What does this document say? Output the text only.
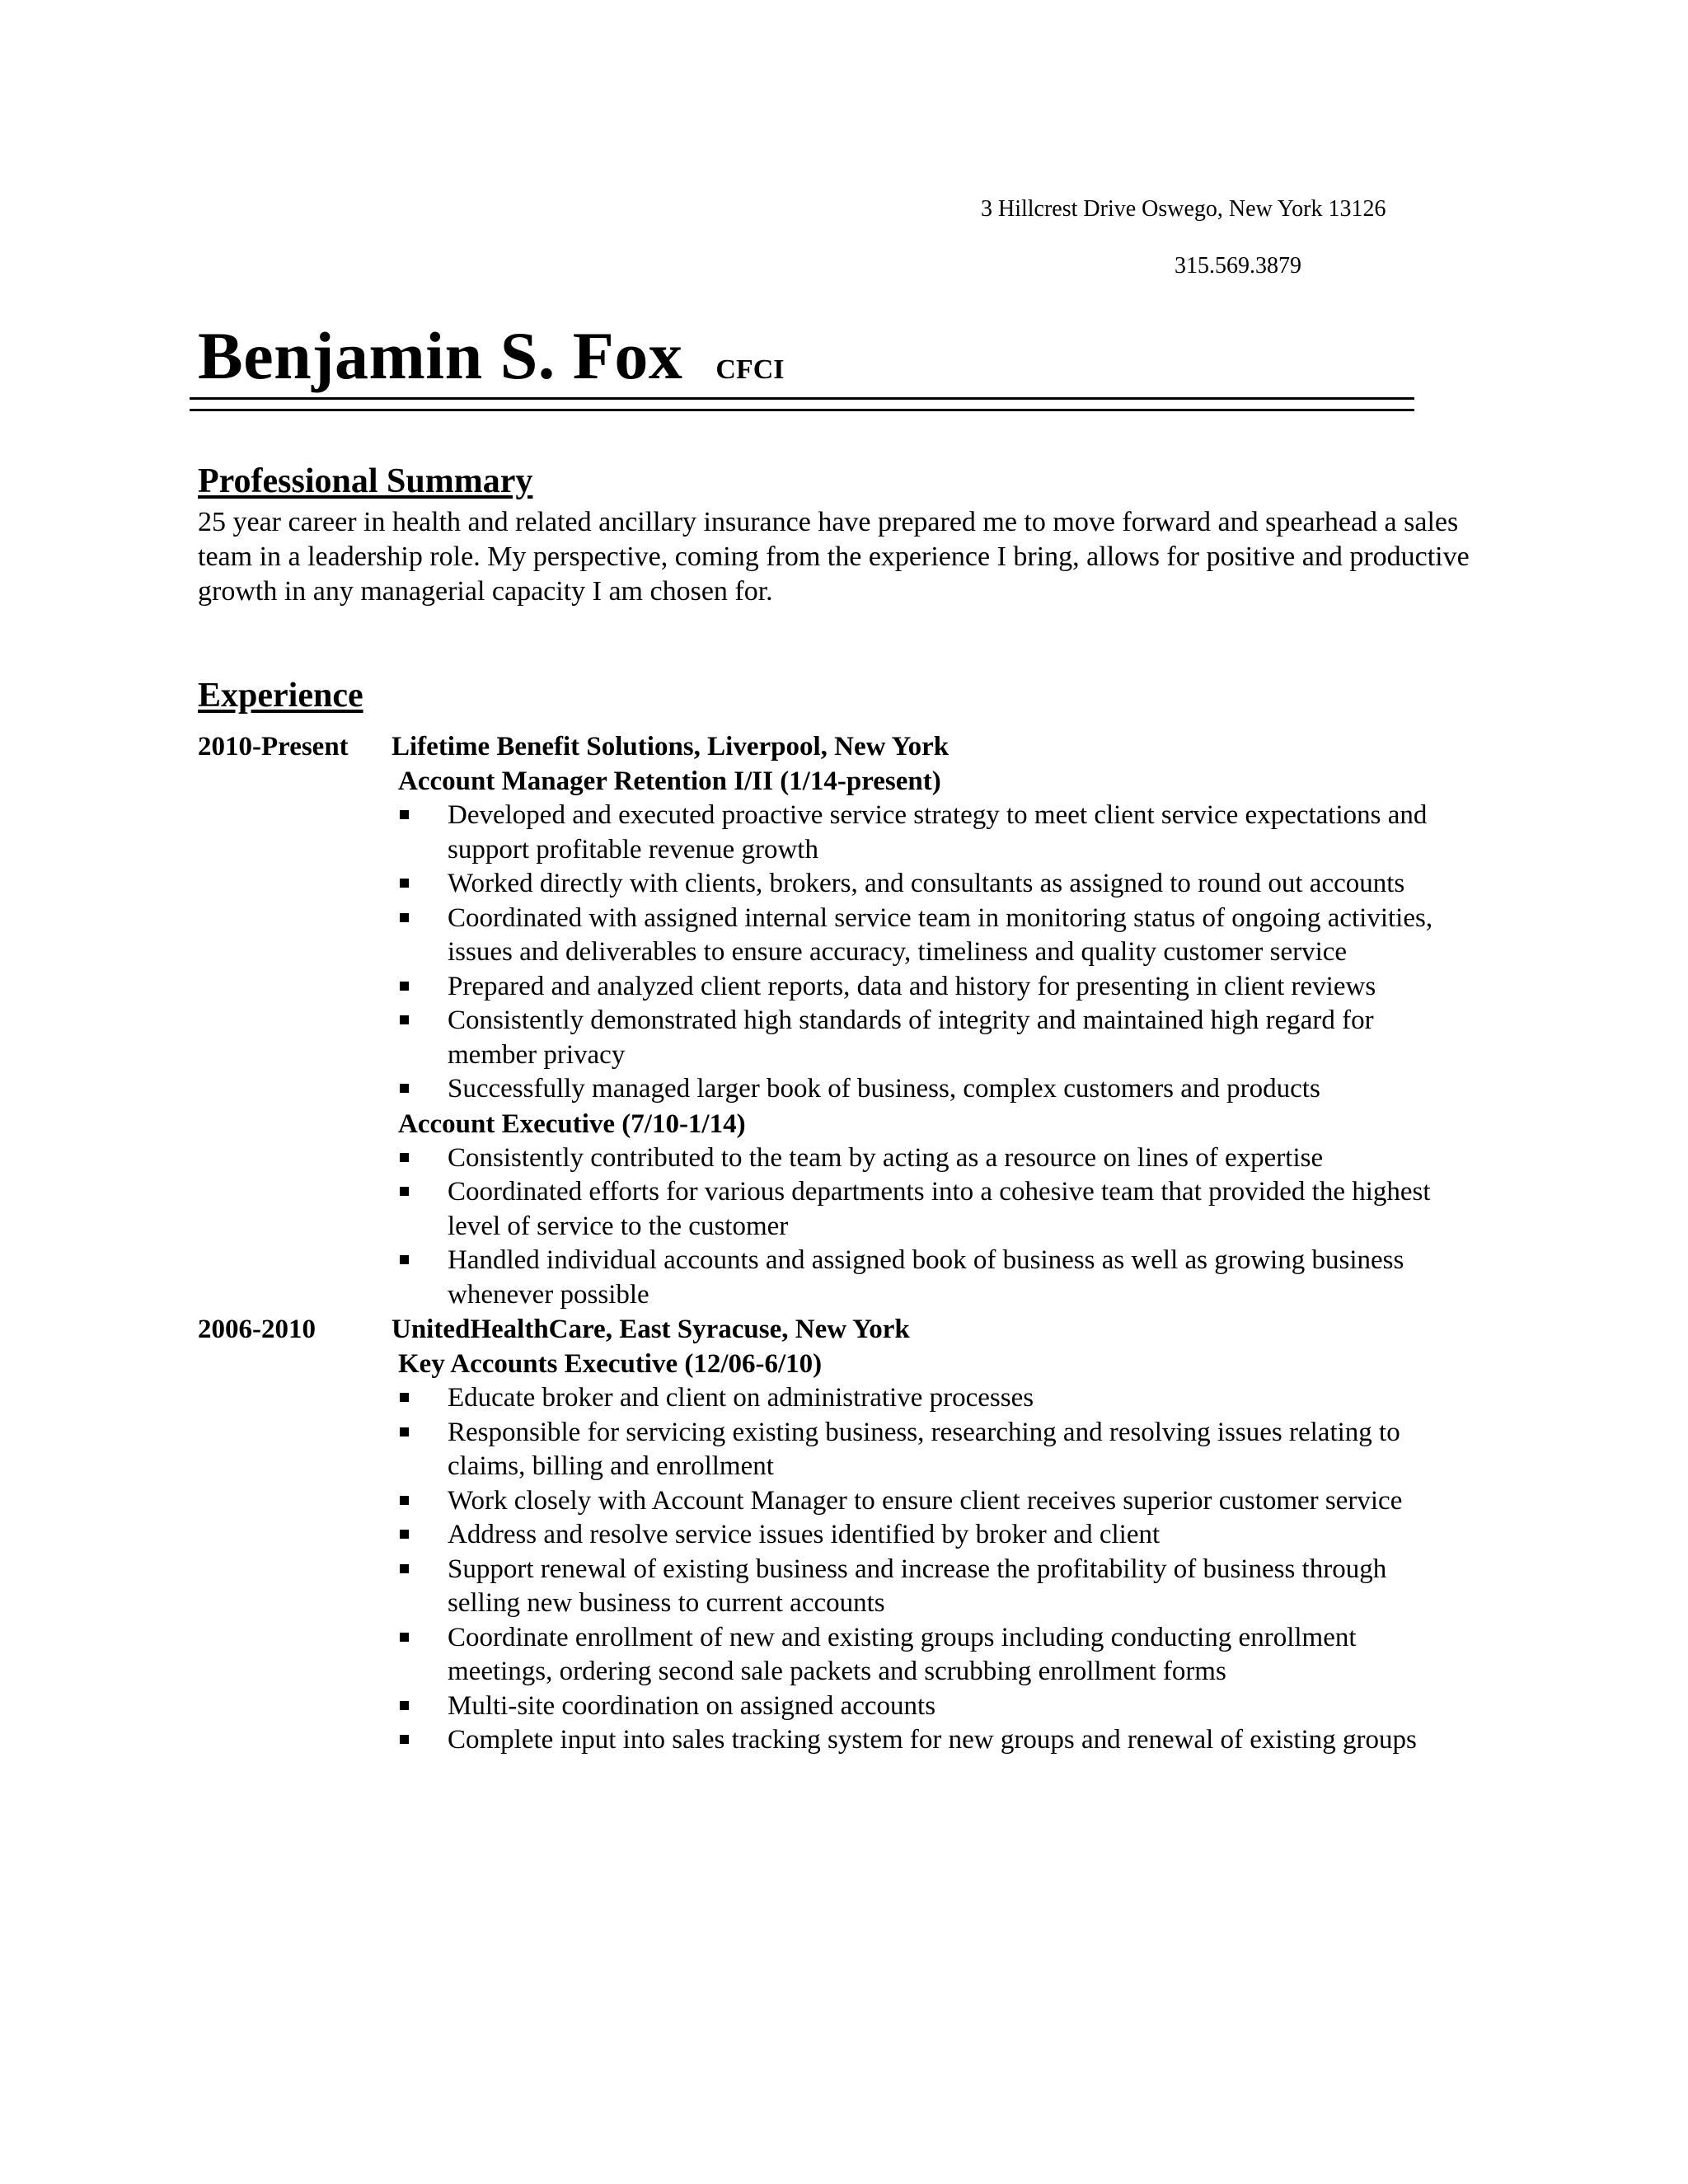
3 Hillcrest Drive Oswego, New York 13126
315.569.3879
Benjamin S. Fox CFCI
Professional Summary

25 year career in health and related ancillary insurance have prepared me to move forward and spearhead a sales team in a leadership role. My perspective, coming from the experience I bring, allows for positive and productive growth in any managerial capacity I am chosen for.

Experience
2010-Present Lifetime Benefit Solutions, Liverpool, New York
Account Manager Retention I/II (1/14-present)
Developed and executed proactive service strategy to meet client service expectations and support profitable revenue growth
Worked directly with clients, brokers, and consultants as assigned to round out accounts
Coordinated with assigned internal service team in monitoring status of ongoing activities, issues and deliverables to ensure accuracy, timeliness and quality customer service
Prepared and analyzed client reports, data and history for presenting in client reviews
Consistently demonstrated high standards of integrity and maintained high regard for member privacy
Successfully managed larger book of business, complex customers and products
Account Executive (7/10-1/14)
Consistently contributed to the team by acting as a resource on lines of expertise
Coordinated efforts for various departments into a cohesive team that provided the highest level of service to the customer
Handled individual accounts and assigned book of business as well as growing business whenever possible
2006-2010	UnitedHealthCare, East Syracuse, New York
Key Accounts Executive (12/06-6/10)
Educate broker and client on administrative processes
Responsible for servicing existing business, researching and resolving issues relating to claims, billing and enrollment
Work closely with Account Manager to ensure client receives superior customer service
Address and resolve service issues identified by broker and client
Support renewal of existing business and increase the profitability of business through selling new business to current accounts
Coordinate enrollment of new and existing groups including conducting enrollment meetings, ordering second sale packets and scrubbing enrollment forms
Multi-site coordination on assigned accounts
Complete input into sales tracking system for new groups and renewal of existing groups
